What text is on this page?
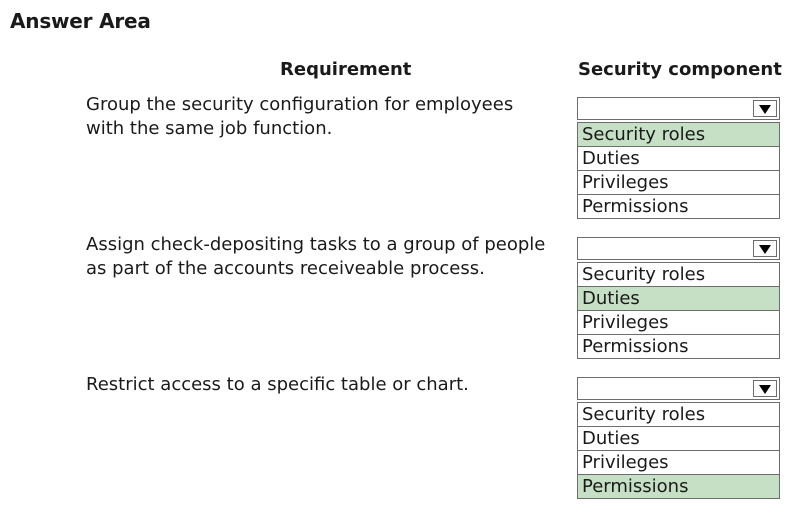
Answer Area
Requirement	Security component
Group the security configuration for employees
with the same job function.	Security roles
Duties
Privileges
Permissions
Assign check-depositing tasks to a group of people
as part of the accounts receiveable process.	Security roles
Duties
Privileges
Permissions
Restrict access to a specific table or chart.
Security roles
Duties
Privileges
Permissions
